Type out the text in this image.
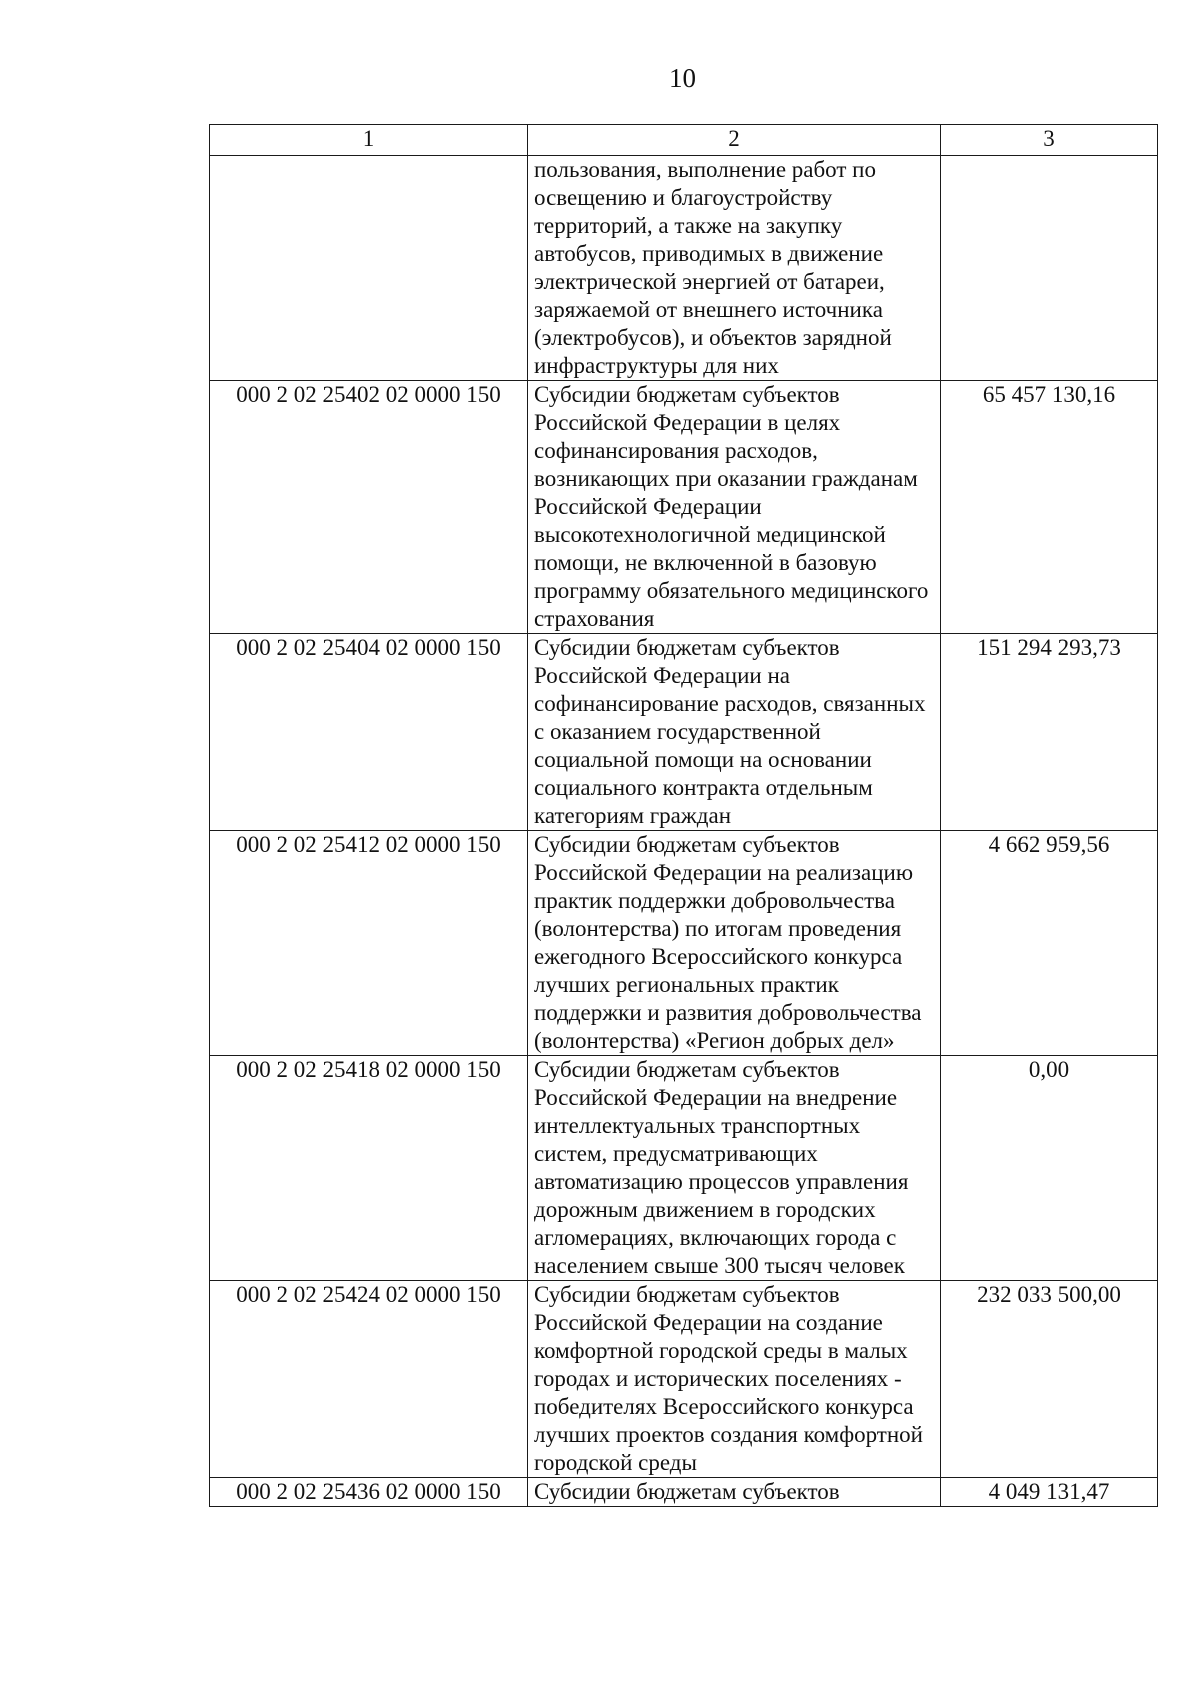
10
1	2	3
	пользования, выполнение работ по освещению и благоустройству территорий, а также на закупку автобусов, приводимых в движение электрической энергией от батареи, заряжаемой от внешнего источника (электробусов), и объектов зарядной инфраструктуры для них	
000 2 02 25402 02 0000 150	Субсидии бюджетам субъектов Российской Федерации в целях софинансирования расходов, возникающих при оказании гражданам Российской Федерации высокотехнологичной медицинской помощи, не включенной в базовую программу обязательного медицинского страхования	65 457 130,16
000 2 02 25404 02 0000 150	Субсидии бюджетам субъектов Российской Федерации на софинансирование расходов, связанных с оказанием государственной социальной помощи на основании социального контракта отдельным категориям граждан	151 294 293,73
000 2 02 25412 02 0000 150	Субсидии бюджетам субъектов Российской Федерации на реализацию практик поддержки добровольчества (волонтерства) по итогам проведения ежегодного Всероссийского конкурса лучших региональных практик поддержки и развития добровольчества (волонтерства) «Регион добрых дел»	4 662 959,56
000 2 02 25418 02 0000 150	Субсидии бюджетам субъектов Российской Федерации на внедрение интеллектуальных транспортных систем, предусматривающих автоматизацию процессов управления дорожным движением в городских агломерациях, включающих города с населением свыше 300 тысяч человек	0,00
000 2 02 25424 02 0000 150	Субсидии бюджетам субъектов Российской Федерации на создание комфортной городской среды в малых городах и исторических поселениях - победителях Всероссийского конкурса лучших проектов создания комфортной городской среды	232 033 500,00
000 2 02 25436 02 0000 150	Субсидии бюджетам субъектов	4 049 131,47
